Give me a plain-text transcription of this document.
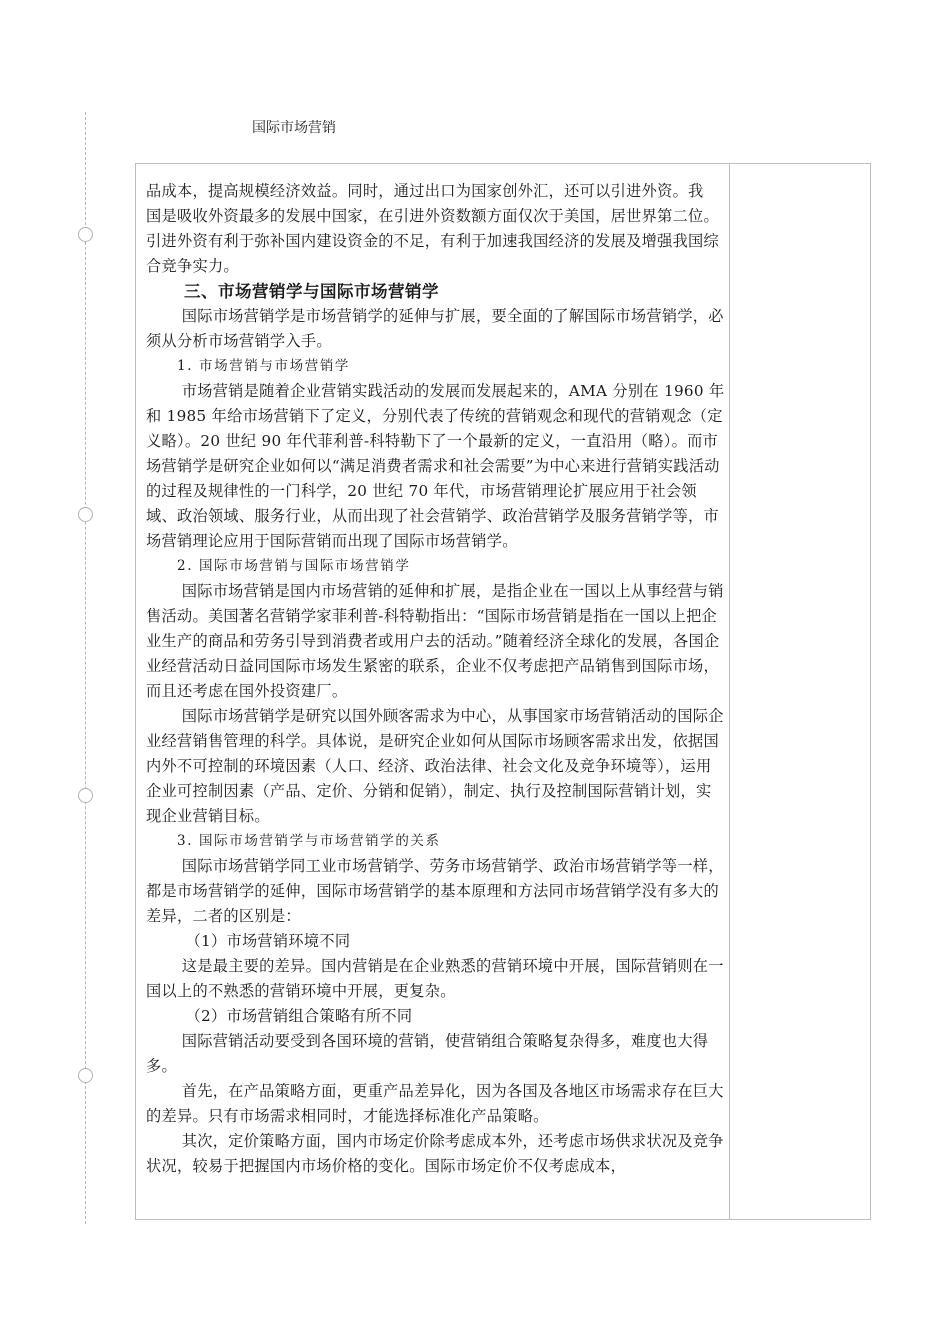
国际市场营销

品成本，提高规模经济效益。同时，通过出口为国家创外汇，还可以引进外资。我

国是吸收外资最多的发展中国家，在引进外资数额方面仅次于美国，居世界第二位。引进外资有利于弥补国内建设资金的不足，有利于加速我国经济的发展及增强我国综合竞争实力。

三、市场营销学与国际市场营销学

国际市场营销学是市场营销学的延伸与扩展，要全面的了解国际市场营销学，必须从分析市场营销学入手。

1. 市场营销与市场营销学

市场营销是随着企业营销实践活动的发展而发展起来的，AMA 分别在 1960 年和 1985 年给市场营销下了定义，分别代表了传统的营销观念和现代的营销观念（定义略）。20 世纪 90 年代菲利普-科特勒下了一个最新的定义，一直沿用（略）。而市场营销学是研究企业如何以“满足消费者需求和社会需要”为中心来进行营销实践活动的过程及规律性的一门科学，20 世纪 70 年代，市场营销理论扩展应用于社会领域、政治领域、服务行业，从而出现了社会营销学、政治营销学及服务营销学等，市场营销理论应用于国际营销而出现了国际市场营销学。

2. 国际市场营销与国际市场营销学

国际市场营销是国内市场营销的延伸和扩展，是指企业在一国以上从事经营与销售活动。美国著名营销学家菲利普-科特勒指出：“国际市场营销是指在一国以上把企业生产的商品和劳务引导到消费者或用户去的活动。”随着经济全球化的发展，各国企业经营活动日益同国际市场发生紧密的联系，企业不仅考虑把产品销售到国际市场，而且还考虑在国外投资建厂。

国际市场营销学是研究以国外顾客需求为中心，从事国家市场营销活动的国际企业经营销售管理的科学。具体说，是研究企业如何从国际市场顾客需求出发，依据国内外不可控制的环境因素（人口、经济、政治法律、社会文化及竞争环境等），运用企业可控制因素（产品、定价、分销和促销），制定、执行及控制国际营销计划，实现企业营销目标。

3. 国际市场营销学与市场营销学的关系

国际市场营销学同工业市场营销学、劳务市场营销学、政治市场营销学等一样，都是市场营销学的延伸，国际市场营销学的基本原理和方法同市场营销学没有多大的差异，二者的区别是：

（1）市场营销环境不同

这是最主要的差异。国内营销是在企业熟悉的营销环境中开展，国际营销则在一国以上的不熟悉的营销环境中开展，更复杂。

（2）市场营销组合策略有所不同

国际营销活动要受到各国环境的营销，使营销组合策略复杂得多，难度也大得多。

首先，在产品策略方面，更重产品差异化，因为各国及各地区市场需求存在巨大的差异。只有市场需求相同时，才能选择标准化产品策略。

其次，定价策略方面，国内市场定价除考虑成本外，还考虑市场供求状况及竞争状况，较易于把握国内市场价格的变化。国际市场定价不仅考虑成本，
